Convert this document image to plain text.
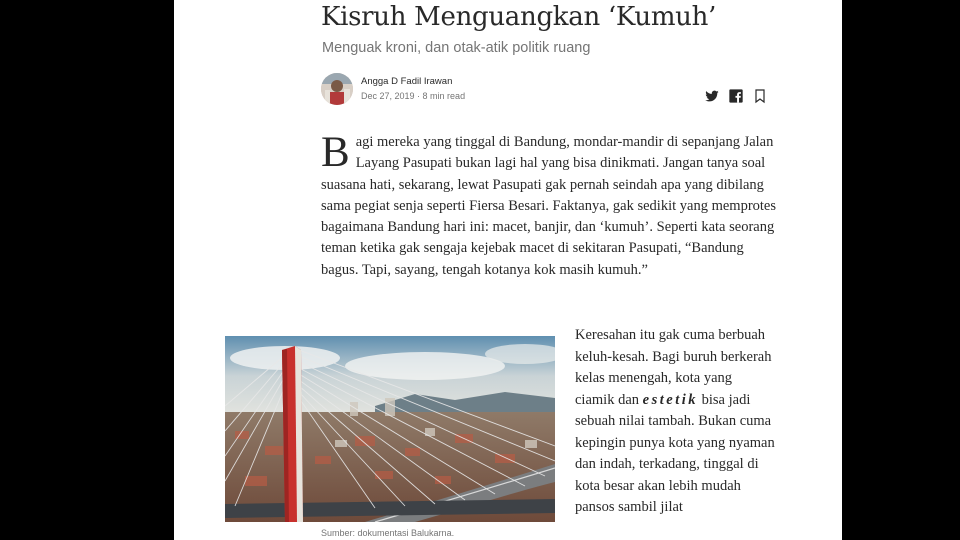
Kisruh Menguangkan ‘Kumuh’
Menguak kroni, dan otak-atik politik ruang
Angga D Fadil Irawan
Dec 27, 2019 · 8 min read

Bagi mereka yang tinggal di Bandung, mondar-mandir di sepanjang Jalan Layang Pasupati bukan lagi hal yang bisa dinikmati. Jangan tanya soal suasana hati, sekarang, lewat Pasupati gak pernah seindah apa yang dibilang sama pegiat senja seperti Fiersa Besari. Faktanya, gak sedikit yang memprotes bagaimana Bandung hari ini: macet, banjir, dan ‘kumuh’. Seperti kata seorang teman ketika gak sengaja kejebak macet di sekitaran Pasupati, “Bandung bagus. Tapi, sayang, tengah kotanya kok masih kumuh.”

Sumber: dokumentasi Balukarna.

Keresahan itu gak cuma berbuah keluh-kesah. Bagi buruh berkerah kelas menengah, kota yang ciamik dan estetik bisa jadi sebuah nilai tambah. Bukan cuma kepingin punya kota yang nyaman dan indah, terkadang, tinggal di kota besar akan lebih mudah pansos sambil jilat
